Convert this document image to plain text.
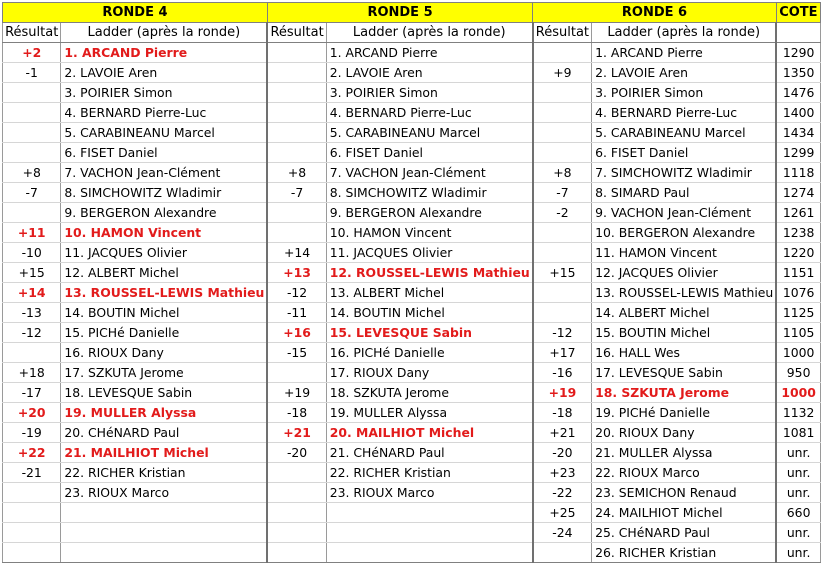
RONDE 4		RONDE 5		RONDE 6		COTE
Résultat	Ladder (après la ronde)	Résultat	Ladder (après la ronde)	Résultat	Ladder (après la ronde)	
+2	1. ARCAND Pierre		1. ARCAND Pierre		1. ARCAND Pierre	1290
-1	2. LAVOIE Aren		2. LAVOIE Aren	+9	2. LAVOIE Aren	1350
	3. POIRIER Simon		3. POIRIER Simon		3. POIRIER Simon	1476
	4. BERNARD Pierre-Luc		4. BERNARD Pierre-Luc		4. BERNARD Pierre-Luc	1400
	5. CARABINEANU Marcel		5. CARABINEANU Marcel		5. CARABINEANU Marcel	1434
	6. FISET Daniel		6. FISET Daniel		6. FISET Daniel	1299
+8	7. VACHON Jean-Clément	+8	7. VACHON Jean-Clément	+8	7. SIMCHOWITZ Wladimir	1118
-7	8. SIMCHOWITZ Wladimir	-7	8. SIMCHOWITZ Wladimir	-7	8. SIMARD Paul	1274
	9. BERGERON Alexandre		9. BERGERON Alexandre	-2	9. VACHON Jean-Clément	1261
+11	10. HAMON Vincent		10. HAMON Vincent		10. BERGERON Alexandre	1238
-10	11. JACQUES Olivier	+14	11. JACQUES Olivier		11. HAMON Vincent	1220
+15	12. ALBERT Michel	+13	12. ROUSSEL-LEWIS Mathieu	+15	12. JACQUES Olivier	1151
+14	13. ROUSSEL-LEWIS Mathieu	-12	13. ALBERT Michel		13. ROUSSEL-LEWIS Mathieu	1076
-13	14. BOUTIN Michel	-11	14. BOUTIN Michel		14. ALBERT Michel	1125
-12	15. PICHé Danielle	+16	15. LEVESQUE Sabin	-12	15. BOUTIN Michel	1105
	16. RIOUX Dany	-15	16. PICHé Danielle	+17	16. HALL Wes	1000
+18	17. SZKUTA Jerome		17. RIOUX Dany	-16	17. LEVESQUE Sabin	950
-17	18. LEVESQUE Sabin	+19	18. SZKUTA Jerome	+19	18. SZKUTA Jerome	1000
+20	19. MULLER Alyssa	-18	19. MULLER Alyssa	-18	19. PICHé Danielle	1132
-19	20. CHéNARD Paul	+21	20. MAILHIOT Michel	+21	20. RIOUX Dany	1081
+22	21. MAILHIOT Michel	-20	21. CHéNARD Paul	-20	21. MULLER Alyssa	unr.
-21	22. RICHER Kristian		22. RICHER Kristian	+23	22. RIOUX Marco	unr.
	23. RIOUX Marco		23. RIOUX Marco	-22	23. SEMICHON Renaud	unr.
				+25	24. MAILHIOT Michel	660
				-24	25. CHéNARD Paul	unr.
					26. RICHER Kristian	unr.
